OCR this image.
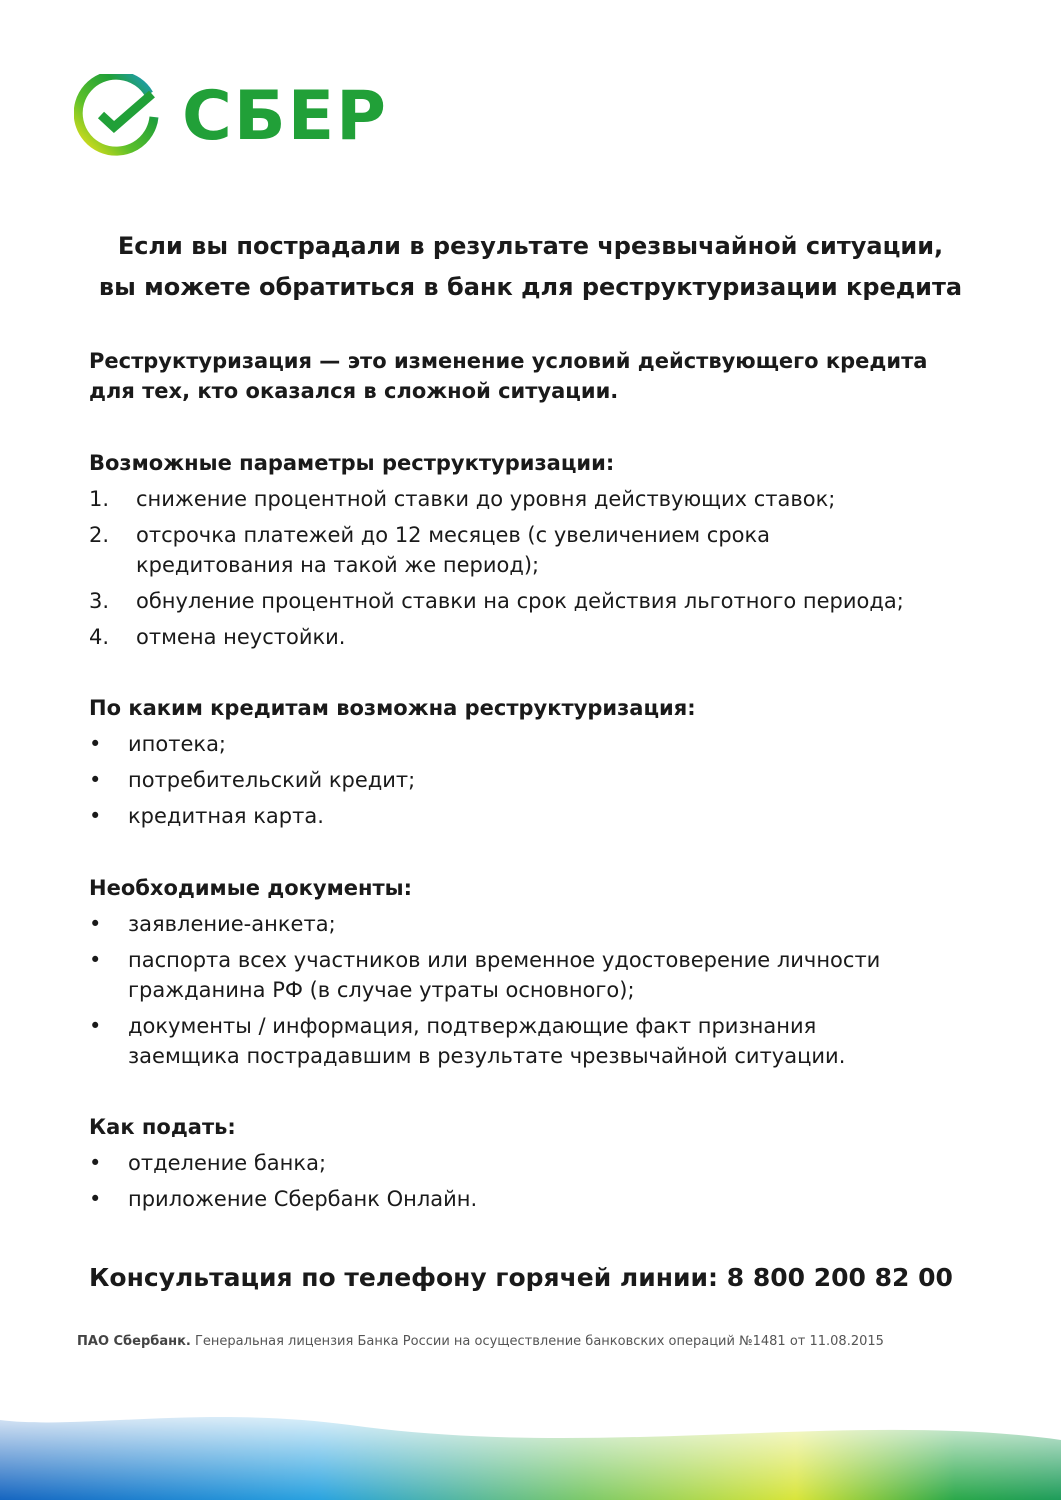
СБЕР
Если вы пострадали в результате чрезвычайной ситуации,
вы можете обратиться в банк для реструктуризации кредита
Реструктуризация — это изменение условий действующего кредита
для тех, кто оказался в сложной ситуации.
Возможные параметры реструктуризации:
1. снижение процентной ставки до уровня действующих ставок;
2. отсрочка платежей до 12 месяцев (с увеличением срока
кредитования на такой же период);
3. обнуление процентной ставки на срок действия льготного периода;
4. отмена неустойки.
По каким кредитам возможна реструктуризация:
• ипотека;
• потребительский кредит;
• кредитная карта.
Необходимые документы:
• заявление-анкета;
• паспорта всех участников или временное удостоверение личности
гражданина РФ (в случае утраты основного);
• документы / информация, подтверждающие факт признания
заемщика пострадавшим в результате чрезвычайной ситуации.
Как подать:
• отделение банка;
• приложение Сбербанк Онлайн.
Консультация по телефону горячей линии: 8 800 200 82 00
ПАО Сбербанк. Генеральная лицензия Банка России на осуществление банковских операций №1481 от 11.08.2015
